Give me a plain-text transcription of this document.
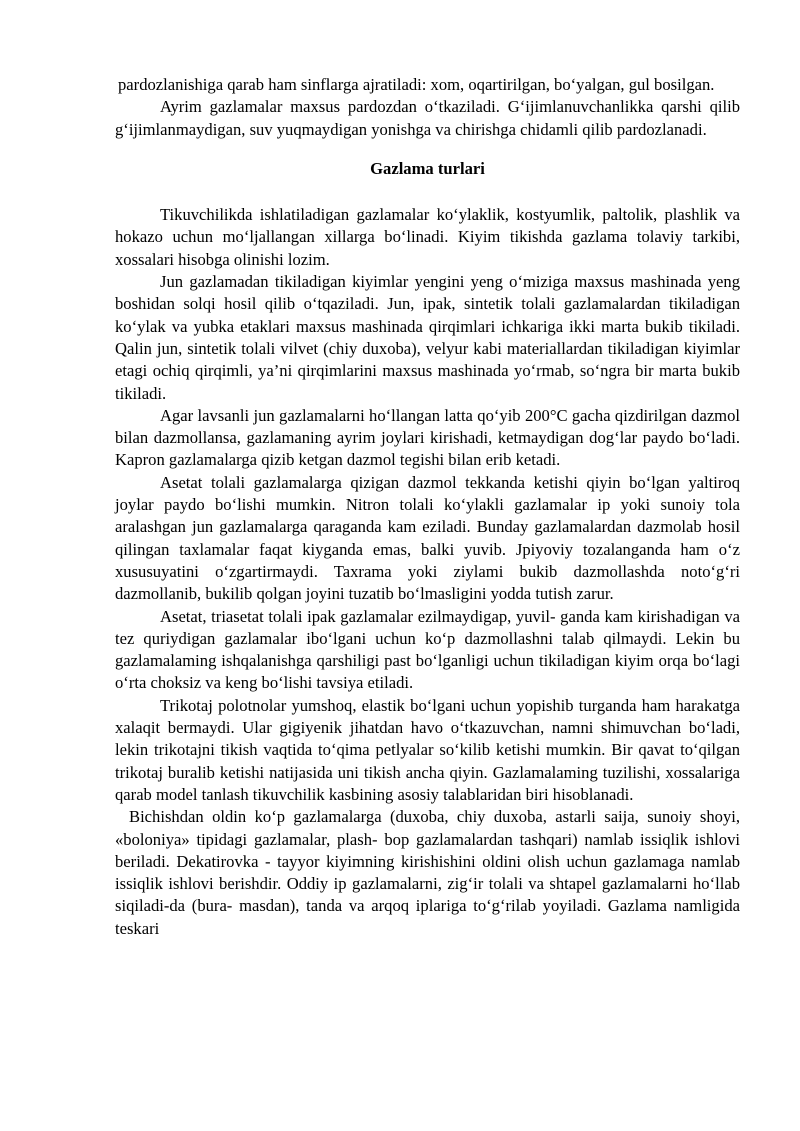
pardozlanishiga qarab ham sinflarga ajratiladi: xom, oqartirilgan, bo‘yalgan, gul bosilgan.

Ayrim gazlamalar maxsus pardozdan o‘tkaziladi. G‘ijimlanuvchanlikka qarshi qilib g‘ijimlanmaydigan, suv yuqmaydigan yonishga va chirishga chidamli qilib pardozlanadi.

Gazlama turlari

Tikuvchilikda ishlatiladigan gazlamalar ko‘ylaklik, kostyumlik, paltolik, plashlik va hokazo uchun mo‘ljallangan xillarga bo‘linadi. Kiyim tikishda gazlama tolaviy tarkibi, xossalari hisobga olinishi lozim.

Jun gazlamadan tikiladigan kiyimlar yengini yeng o‘miziga maxsus mashinada yeng boshidan solqi hosil qilib o‘tqaziladi. Jun, ipak, sintetik tolali gazlamalardan tikiladigan ko‘ylak va yubka etaklari maxsus mashinada qirqimlari ichkariga ikki marta bukib tikiladi. Qalin jun, sintetik tolali vilvet (chiy duxoba), velyur kabi materiallardan tikiladigan kiyimlar etagi ochiq qirqimli, ya’ni qirqimlarini maxsus mashinada yo‘rmab, so‘ngra bir marta bukib tikiladi.

Agar lavsanli jun gazlamalarni ho‘llangan latta qo‘yib 200°C gacha qizdirilgan dazmol bilan dazmollansa, gazlamaning ayrim joylari kirishadi, ketmaydigan dog‘lar paydo bo‘ladi. Kapron gazlamalarga qizib ketgan dazmol tegishi bilan erib ketadi.

Asetat tolali gazlamalarga qizigan dazmol tekkanda ketishi qiyin bo‘lgan yaltiroq joylar paydo bo‘lishi mumkin. Nitron tolali ko‘ylakli gazlamalar ip yoki sunoiy tola aralashgan jun gazlamalarga qaraganda kam eziladi. Bunday gazlamalardan dazmolab hosil qilingan taxlamalar faqat kiyganda emas, balki yuvib. Jpiyoviy tozalanganda ham o‘z xususuyatini o‘zgartirmaydi. Taxrama yoki ziylami bukib dazmollashda noto‘g‘ri dazmollanib, bukilib qolgan joyini tuzatib bo‘lmasligini yodda tutish zarur.

Asetat, triasetat tolali ipak gazlamalar ezilmaydigap, yuvil- ganda kam kirishadigan va tez quriydigan gazlamalar ibo‘lgani uchun ko‘p dazmollashni talab qilmaydi. Lekin bu gazlamalaming ishqalanishga qarshiligi past bo‘lganligi uchun tikiladigan kiyim orqa bo‘lagi o‘rta choksiz va keng bo‘lishi tavsiya etiladi.

Trikotaj polotnolar yumshoq, elastik bo‘lgani uchun yopishib turganda ham harakatga xalaqit bermaydi. Ular gigiyenik jihatdan havo o‘tkazuvchan, namni shimuvchan bo‘ladi, lekin trikotajni tikish vaqtida to‘qima petlyalar so‘kilib ketishi mumkin. Bir qavat to‘qilgan trikotaj buralib ketishi natijasida uni tikish ancha qiyin. Gazlamalaming tuzilishi, xossalariga qarab model tanlash tikuvchilik kasbining asosiy talablaridan biri hisoblanadi.

Bichishdan oldin ko‘p gazlamalarga (duxoba, chiy duxoba, astarli saija, sunoiy shoyi, «boloniya» tipidagi gazlamalar, plash- bop gazlamalardan tashqari) namlab issiqlik ishlovi beriladi. Dekatirovka - tayyor kiyimning kirishishini oldini olish uchun gazlamaga namlab issiqlik ishlovi berishdir. Oddiy ip gazlamalarni, zig‘ir tolali va shtapel gazlamalarni ho‘llab siqiladi-da (bura- masdan), tanda va arqoq iplariga to‘g‘rilab yoyiladi. Gazlama namligida teskari
